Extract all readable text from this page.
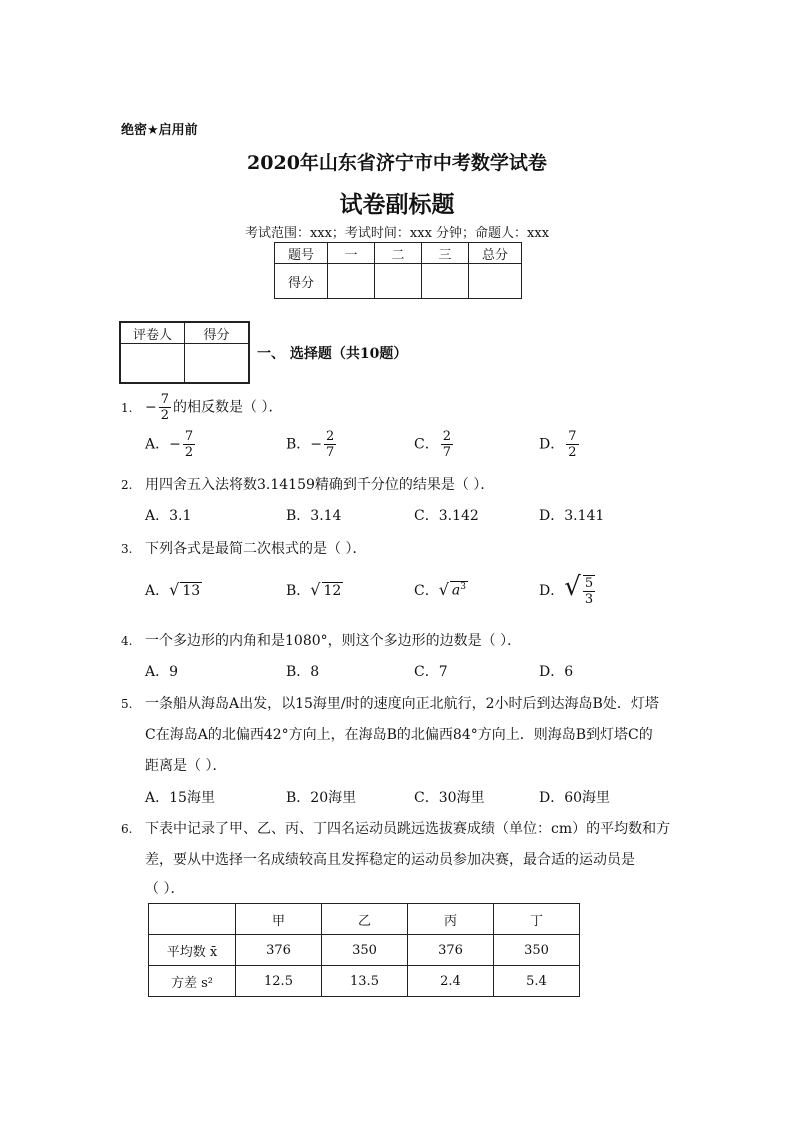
绝密★启用前
2020年山东省济宁市中考数学试卷
试卷副标题
考试范围：xxx；考试时间：xxx 分钟；命题人：xxx
题号	一	二	三	总分
得分				
评卷人	得分

一、 选择题（共10题）
1. − $\frac{7}{2}$ 的相反数是（ ）．
A．− $\frac{7}{2}$	B．− $\frac{2}{7}$	C． $\frac{2}{7}$	D． $\frac{7}{2}$
2. 用四舍五入法将数3.14159精确到千分位的结果是（ ）．
A．3.1	B．3.14	C．3.142	D．3.141
3. 下列各式是最简二次根式的是（ ）．
A．√ 13	B．√ 12	C．√ $a^3$	D．√ $\frac{5}{3}$
4. 一个多边形的内角和是1080°，则这个多边形的边数是（ ）．
A．9	B．8	C．7	D．6
5. 一条船从海岛A出发，以15海里/时的速度向正北航行，2小时后到达海岛B处．灯塔
C在海岛A的北偏西42°方向上，在海岛B的北偏西84°方向上．则海岛B到灯塔C的
距离是（ ）．
A．15海里	B．20海里	C．30海里	D．60海里
6. 下表中记录了甲、乙、丙、丁四名运动员跳远选拔赛成绩（单位：cm）的平均数和方
差，要从中选择一名成绩较高且发挥稳定的运动员参加决赛，最合适的运动员是
（ ）．
	甲	乙	丙	丁
平均数 x̄	376	350	376	350
方差 s²	12.5	13.5	2.4	5.4
